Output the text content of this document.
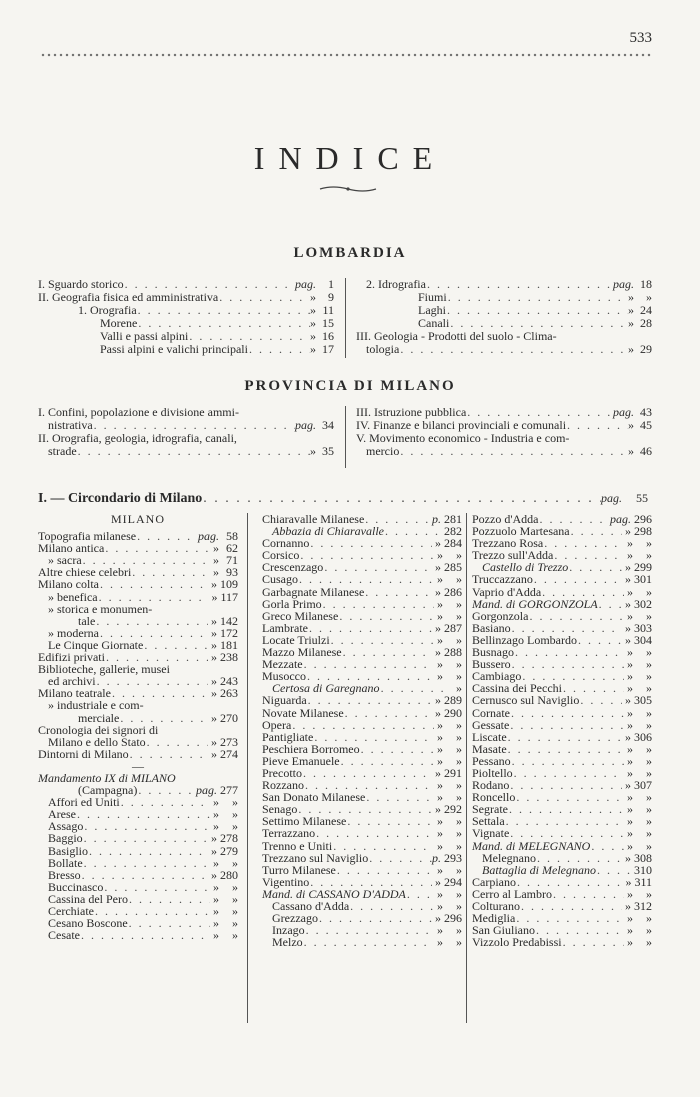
533
INDICE
LOMBARDIA
I. Sguardo storico . . .	pag.	1
II. Geografia fisica ed amministrativa . . .	»	9
1. Orografia . . .	» 11
Morene . . .	» 15
Valli e passi alpini . . .	» 16
Passi alpini e valichi principali . . .	» 17
2. Idrografia . . .	pag. 18
Fiumi . . .	»	»
Laghi . . .	» 24
Canali . . .	» 28
III. Geologia - Prodotti del suolo - Clima-
tologia . . .	» 29
PROVINCIA DI MILANO
I. Confini, popolazione e divisione ammi-
nistrativa . . .	pag. 34
II. Orografia, geologia, idrografia, canali,
strade . . .	» 35
III. Istruzione pubblica . . .	pag. 43
IV. Finanze e bilanci provinciali e comunali . . .	» 45
V. Movimento economico - Industria e com-
mercio . . .	» 46
I. — Circondario di Milano . . .	pag.	55
MILANO
Topografia milanese . . .	pag. 58
Milano antica . . .	» 62
» sacra . . .	» 71
Altre chiese celebri . . .	» 93
Milano colta . . .	» 109
» benefica . . .	» 117
» storica e monumen-
tale . . .	» 142
» moderna . . .	» 172
Le Cinque Giornate . . .	» 181
Edifizi privati . . .	» 238
Biblioteche, gallerie, musei
ed archivi . . .	» 243
Milano teatrale . . .	» 263
» industriale e com-
merciale . . .	» 270
Cronologia dei signori di
Milano e dello Stato . . .	» 273
Dintorni di Milano . . .	» 274
—
Mandamento IX di MILANO
(Campagna) . . .	pag. 277
Affori ed Uniti . . .	»	»
Arese . . .	»	»
Assago . . .	»	»
Baggio . . .	» 278
Basiglio . . .	» 279
Bollate . . .	»	»
Bresso . . .	» 280
Buccinasco . . .	»	»
Cassina del Pero . . .	»	»
Cerchiate . . .	»	»
Cesano Boscone . . .	»	»
Cesate . . .	»	»
Chiaravalle Milanese . . .	p. 281
Abbazia di Chiaravalle . . .	282
Cornanno . . .	» 284
Corsico . . .	»	»
Crescenzago . . .	» 285
Cusago . . .	»	»
Garbagnate Milanese . . .	» 286
Gorla Primo . . .	»	»
Greco Milanese . . .	»	»
Lambrate . . .	» 287
Locate Triulzi . . .	»	»
Mazzo Milanese . . .	» 288
Mezzate . . .	»	»
Musocco . . .	»	»
Certosa di Garegnano . . .	»
Niguarda . . .	» 289
Novate Milanese . . .	» 290
Opera . . .	»	»
Pantigliate . . .	»	»
Peschiera Borromeo . . .	»	»
Pieve Emanuele . . .	»	»
Precotto . . .	» 291
Rozzano . . .	»	»
San Donato Milanese . . .	»	»
Senago . . .	» 292
Settimo Milanese . . .	»	»
Terrazzano . . .	»	»
Trenno e Uniti . . .	»	»
Trezzano sul Naviglio . . .	p. 293
Turro Milanese . . .	»	»
Vigentino . . .	» 294
Mand. di CASSANO D'ADDA . . .	»	»
Cassano d'Adda . . .	»	»
Grezzago . . .	» 296
Inzago . . .	»	»
Melzo . . .	»	»
Pozzo d'Adda . . .	pag. 296
Pozzuolo Martesana . . .	» 298
Trezzano Rosa . . .	»	»
Trezzo sull'Adda . . .	»	»
Castello di Trezzo . . .	» 299
Truccazzano . . .	» 301
Vaprio d'Adda . . .	»	»
Mand. di GORGONZOLA . . . » 302
Gorgonzola . . .	»	»
Basiano . . .	» 303
Bellinzago Lombardo . . .	» 304
Busnago . . .	»	»
Bussero . . .	»	»
Cambiago . . .	»	»
Cassina dei Pecchi . . .	»	»
Cernusco sul Naviglio . . .	» 305
Cornate . . .	»	»
Gessate . . .	»	»
Liscate . . .	» 306
Masate . . .	»	»
Pessano . . .	»	»
Pioltello . . .	»	»
Rodano . . .	» 307
Roncello . . .	»	»
Segrate . . .	»	»
Settala . . .	»	»
Vignate . . .	»	»
Mand. di MELEGNANO . . .	»	»
Melegnano . . .	» 308
Battaglia di Melegnano . . .	310
Carpiano . . .	» 311
Cerro al Lambro . . .	»	»
Colturano . . .	» 312
Mediglia . . .	»	»
San Giuliano . . .	»	»
Vizzolo Predabissi . . .	»	»
